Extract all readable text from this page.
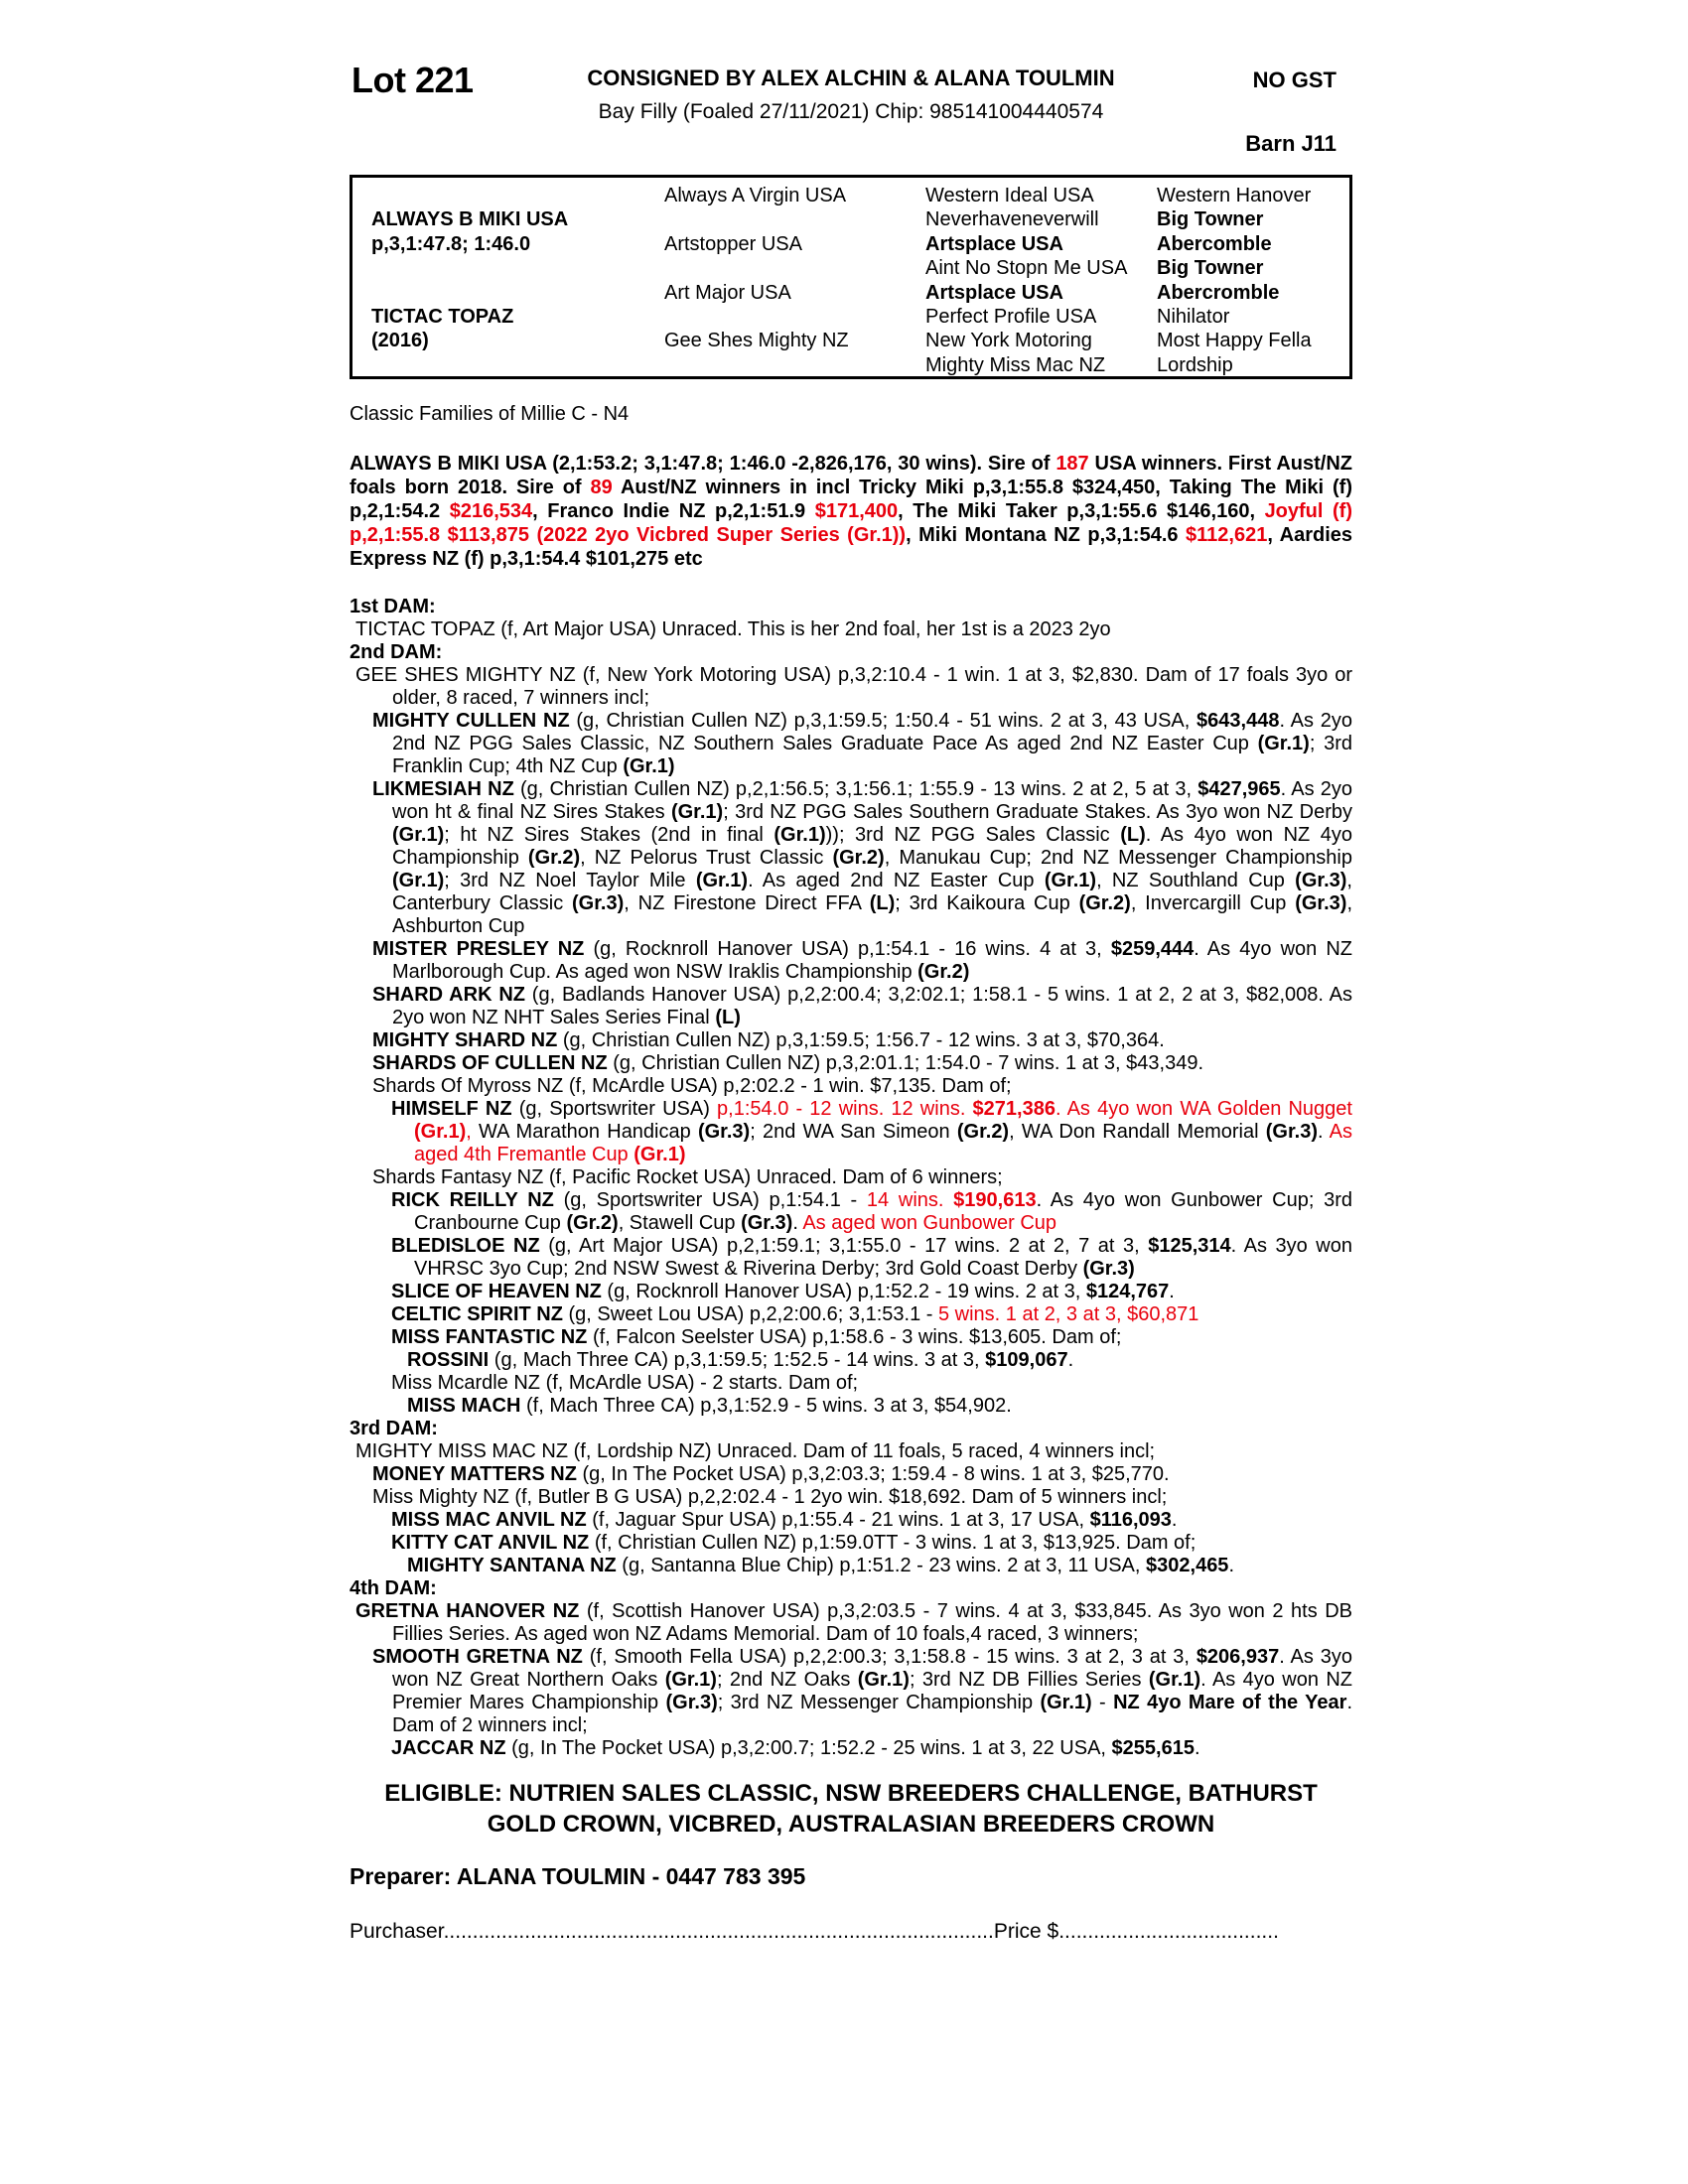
Lot 221	CONSIGNED BY ALEX ALCHIN & ALANA TOULMIN
Bay Filly (Foaled 27/11/2021) Chip: 985141004440574
NO GST
Barn J11
ALWAYS B MIKI USA
p,3,1:47.8; 1:46.0
TICTAC TOPAZ
(2016)
Always A Virgin USA
Artstopper USA
Art Major USA
Gee Shes Mighty NZ
Western Ideal USA
Neverhaveneverwill
Artsplace USA
Aint No Stopn Me USA
Artsplace USA
Perfect Profile USA
New York Motoring
Mighty Miss Mac NZ
Western Hanover
Big Towner
Abercomble
Big Towner
Abercromble
Nihilator
Most Happy Fella
Lordship
Classic Families of Millie C - N4
ALWAYS B MIKI USA (2,1:53.2; 3,1:47.8; 1:46.0 -2,826,176, 30 wins). Sire of 187 USA winners. First Aust/NZ foals born 2018. Sire of 89 Aust/NZ winners in incl Tricky Miki p,3,1:55.8 $324,450, Taking The Miki (f) p,2,1:54.2 $216,534, Franco Indie NZ p,2,1:51.9 $171,400, The Miki Taker p,3,1:55.6 $146,160, Joyful (f) p,2,1:55.8 $113,875 (2022 2yo Vicbred Super Series (Gr.1)), Miki Montana NZ p,3,1:54.6 $112,621, Aardies Express NZ (f) p,3,1:54.4 $101,275 etc
1st DAM:
TICTAC TOPAZ (f, Art Major USA) Unraced. This is her 2nd foal, her 1st is a 2023 2yo
2nd DAM:
GEE SHES MIGHTY NZ (f, New York Motoring USA) p,3,2:10.4 - 1 win. 1 at 3, $2,830. Dam of 17 foals 3yo or older, 8 raced, 7 winners incl;
MIGHTY CULLEN NZ (g, Christian Cullen NZ) p,3,1:59.5; 1:50.4 - 51 wins. 2 at 3, 43 USA, $643,448. As 2yo 2nd NZ PGG Sales Classic, NZ Southern Sales Graduate Pace As aged 2nd NZ Easter Cup (Gr.1); 3rd Franklin Cup; 4th NZ Cup (Gr.1)
LIKMESIAH NZ (g, Christian Cullen NZ) p,2,1:56.5; 3,1:56.1; 1:55.9 - 13 wins. 2 at 2, 5 at 3, $427,965. As 2yo won ht & final NZ Sires Stakes (Gr.1); 3rd NZ PGG Sales Southern Graduate Stakes. As 3yo won NZ Derby (Gr.1); ht NZ Sires Stakes (2nd in final (Gr.1))); 3rd NZ PGG Sales Classic (L). As 4yo won NZ 4yo Championship (Gr.2), NZ Pelorus Trust Classic (Gr.2), Manukau Cup; 2nd NZ Messenger Championship (Gr.1); 3rd NZ Noel Taylor Mile (Gr.1). As aged 2nd NZ Easter Cup (Gr.1), NZ Southland Cup (Gr.3), Canterbury Classic (Gr.3), NZ Firestone Direct FFA (L); 3rd Kaikoura Cup (Gr.2), Invercargill Cup (Gr.3), Ashburton Cup
MISTER PRESLEY NZ (g, Rocknroll Hanover USA) p,1:54.1 - 16 wins. 4 at 3, $259,444. As 4yo won NZ Marlborough Cup. As aged won NSW Iraklis Championship (Gr.2)
SHARD ARK NZ (g, Badlands Hanover USA) p,2,2:00.4; 3,2:02.1; 1:58.1 - 5 wins. 1 at 2, 2 at 3, $82,008. As 2yo won NZ NHT Sales Series Final (L)
MIGHTY SHARD NZ (g, Christian Cullen NZ) p,3,1:59.5; 1:56.7 - 12 wins. 3 at 3, $70,364.
SHARDS OF CULLEN NZ (g, Christian Cullen NZ) p,3,2:01.1; 1:54.0 - 7 wins. 1 at 3, $43,349.
Shards Of Myross NZ (f, McArdle USA) p,2:02.2 - 1 win. $7,135. Dam of;
HIMSELF NZ (g, Sportswriter USA) p,1:54.0 - 12 wins. 12 wins. $271,386. As 4yo won WA Golden Nugget (Gr.1), WA Marathon Handicap (Gr.3); 2nd WA San Simeon (Gr.2), WA Don Randall Memorial (Gr.3). As aged 4th Fremantle Cup (Gr.1)
Shards Fantasy NZ (f, Pacific Rocket USA) Unraced. Dam of 6 winners;
RICK REILLY NZ (g, Sportswriter USA) p,1:54.1 - 14 wins. $190,613. As 4yo won Gunbower Cup; 3rd Cranbourne Cup (Gr.2), Stawell Cup (Gr.3). As aged won Gunbower Cup
BLEDISLOE NZ (g, Art Major USA) p,2,1:59.1; 3,1:55.0 - 17 wins. 2 at 2, 7 at 3, $125,314. As 3yo won VHRSC 3yo Cup; 2nd NSW Swest & Riverina Derby; 3rd Gold Coast Derby (Gr.3)
SLICE OF HEAVEN NZ (g, Rocknroll Hanover USA) p,1:52.2 - 19 wins. 2 at 3, $124,767.
CELTIC SPIRIT NZ (g, Sweet Lou USA) p,2,2:00.6; 3,1:53.1 - 5 wins. 1 at 2, 3 at 3, $60,871
MISS FANTASTIC NZ (f, Falcon Seelster USA) p,1:58.6 - 3 wins. $13,605. Dam of;
ROSSINI (g, Mach Three CA) p,3,1:59.5; 1:52.5 - 14 wins. 3 at 3, $109,067.
Miss Mcardle NZ (f, McArdle USA) - 2 starts. Dam of;
MISS MACH (f, Mach Three CA) p,3,1:52.9 - 5 wins. 3 at 3, $54,902.
3rd DAM:
MIGHTY MISS MAC NZ (f, Lordship NZ) Unraced. Dam of 11 foals, 5 raced, 4 winners incl;
MONEY MATTERS NZ (g, In The Pocket USA) p,3,2:03.3; 1:59.4 - 8 wins. 1 at 3, $25,770.
Miss Mighty NZ (f, Butler B G USA) p,2,2:02.4 - 1 2yo win. $18,692. Dam of 5 winners incl;
MISS MAC ANVIL NZ (f, Jaguar Spur USA) p,1:55.4 - 21 wins. 1 at 3, 17 USA, $116,093.
KITTY CAT ANVIL NZ (f, Christian Cullen NZ) p,1:59.0TT - 3 wins. 1 at 3, $13,925. Dam of;
MIGHTY SANTANA NZ (g, Santanna Blue Chip) p,1:51.2 - 23 wins. 2 at 3, 11 USA, $302,465.
4th DAM:
GRETNA HANOVER NZ (f, Scottish Hanover USA) p,3,2:03.5 - 7 wins. 4 at 3, $33,845. As 3yo won 2 hts DB Fillies Series. As aged won NZ Adams Memorial. Dam of 10 foals,4 raced, 3 winners;
SMOOTH GRETNA NZ (f, Smooth Fella USA) p,2,2:00.3; 3,1:58.8 - 15 wins. 3 at 2, 3 at 3, $206,937. As 3yo won NZ Great Northern Oaks (Gr.1); 2nd NZ Oaks (Gr.1); 3rd NZ DB Fillies Series (Gr.1). As 4yo won NZ Premier Mares Championship (Gr.3); 3rd NZ Messenger Championship (Gr.1) - NZ 4yo Mare of the Year. Dam of 2 winners incl;
JACCAR NZ (g, In The Pocket USA) p,3,2:00.7; 1:52.2 - 25 wins. 1 at 3, 22 USA, $255,615.
ELIGIBLE: NUTRIEN SALES CLASSIC, NSW BREEDERS CHALLENGE, BATHURST GOLD CROWN, VICBRED, AUSTRALASIAN BREEDERS CROWN
Preparer: ALANA TOULMIN - 0447 783 395
Purchaser...............................................................................................Price $......................................
